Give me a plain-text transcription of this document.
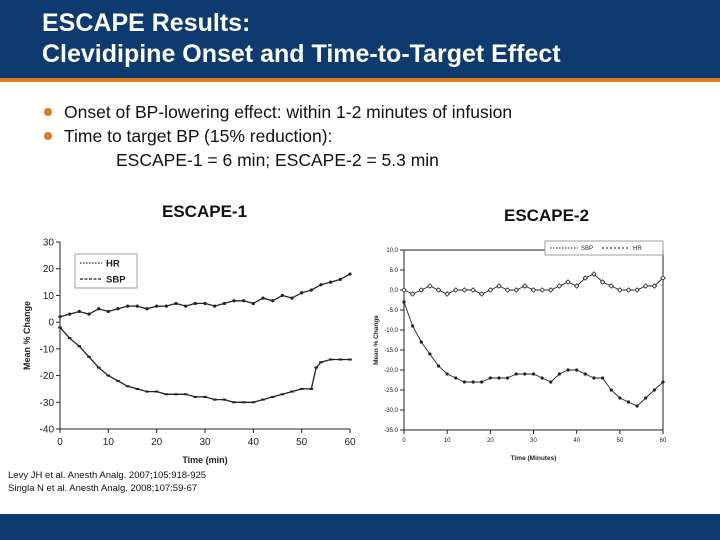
ESCAPE Results:
Clevidipine Onset and Time-to-Target Effect
Onset of BP-lowering effect: within 1-2 minutes of infusion
Time to target BP (15% reduction):
ESCAPE-1 = 6 min; ESCAPE-2 = 5.3 min
ESCAPE-1	ESCAPE-2
30
20
10
0
-10
-20
-30
-40
0	10	20	30	40	50	60
Time (min)
Mean % Change
HR
SBP
10.0
5.0
0.0
-5.0
-10.0
-15.0
-20.0
-25.0
-30.0
-35.0
0	10	20	30	40	50	60
Time (Minutes)
Mean % Change
SBP	HR
Levy JH et al. Anesth Analg. 2007;105:918-925
Singla N et al. Anesth Analg. 2008;107:59-67
